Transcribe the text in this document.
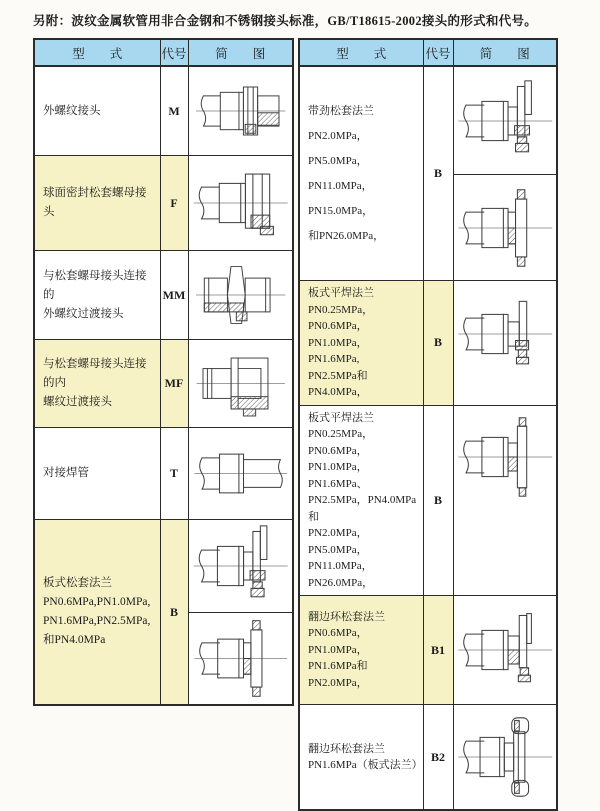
另附：波纹金属软管用非合金钢和不锈钢接头标准，GB/T18615-2002接头的形式和代号。
型　　式	代号	简　　图

外螺纹接头	M	

球面密封松套螺母接头	F	

与松套螺母接头连接的
外螺纹过渡接头	MM	

与松套螺母接头连接的内
螺纹过渡接头	MF	

对接焊管	T	

板式松套法兰
PN0.6MPa,PN1.0MPa,
PN1.6MPa,PN2.5MPa,
和PN4.0MPa	B	
型　　式	代号	简　　图

带劲松套法兰
PN2.0MPa，PN5.0MPa，
PN11.0MPa，PN15.0MPa，
和PN26.0MPa，	B	

板式平焊法兰
PN0.25MPa，PN0.6MPa，
PN1.0MPa，PN1.6MPa,
PN2.5MPa和PN4.0MPa，	B	

板式平焊法兰
PN0.25MPa，PN0.6MPa，
PN1.0MPa，PN1.6MPa、
PN2.5MPa，PN4.0MPa和
PN2.0MPa，PN5.0MPa，
PN11.0MPa，PN26.0MPa，
	B	

翻边环松套法兰
PN0.6MPa，PN1.0MPa，
PN1.6MPa和PN2.0MPa，	B1	

翻边环松套法兰
PN1.6MPa（板式法兰）	B2	
